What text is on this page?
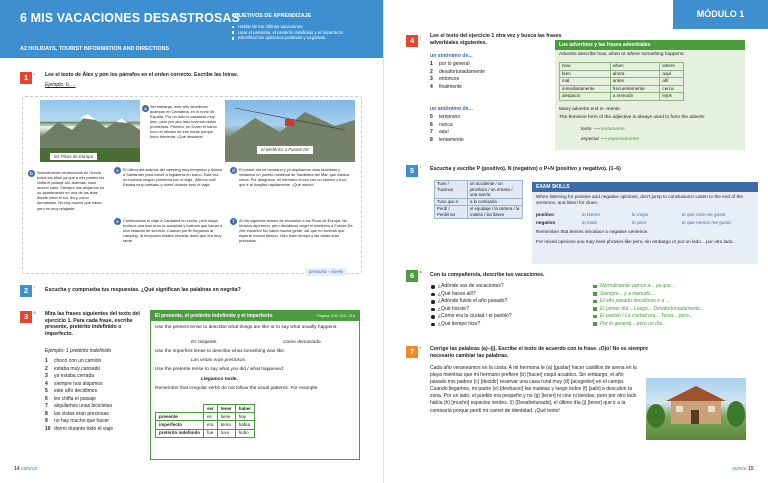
6 MIS VACACIONES DESASTROSAS
A2 HOLIDAYS, TOURIST INFORMATION AND DIRECTIONS
OBJETIVOS DE APRENDIZAJE
Hablar de tus últimas vacaciones
Usar el presente, el pretérito indefinido y el imperfecto
Identificar las opiniones positivas y negativas
1	≡	Lee el texto de Álex y pon los párrafos en el orden correcto. Escribe las letras.
Ejemplo: b, ...
los Picos de Europa
el teleférico a Fuente Dé
a Sin embargo, este año decidimos acampar en Cantabria, en el norte de España. Por un lado lo pasamos muy bien, pero por otro lado tuvimos varios problemas. Primero, en Dover el barco tuvo un retraso de tres horas porque hubo tormenta. ¡Qué desastre!
b	Normalmente veraneamos en Grecia todos los años ya que a mis padres les chifla el paisaje allí. Además, hace mucho calor. Siempre nos alojamos en un apartamento en una de las islas donde tomo el sol, leo y como demasiado. No hay mucho que hacer, pero es muy relajante.
c	El último día salimos del camping muy temprano y fuimos a Santander para volver a Inglaterra en barco. Esta vez no tuvimos ningún problema con el viaje. ¡Menos mal! Estaba muy cansado y dormí durante todo el viaje.
d	El primer día mi hermano y yo alquilamos unas bicicletas y visitamos un pueblo medieval de Santillana del Mar, que estaba cerca. Por desgracia, mi hermano chocó con un camión y tuvo que ir al hospital rápidamente. ¡Qué miedo!
e	Continuamos el viaje a Cantabria en coche, pero luego tuvimos una avería en la autopista y tuvimos que llamar a una estación de servicio. Cuando por fin llegamos al camping, la recepción estaba cerrada, dado que era muy tarde.
f	Al día siguiente fuimos de excursión a los Picos de Europa. No hicimos alpinismo, pero decidimos coger el teleférico a Fuente Dé. ¡Me encantó! No había mucha gente, así que no tuvimos que esperar mucho tiempo. Hizo buen tiempo y las vistas eran preciosas.
preciosa – lovely
2	◖ Escucha y comprueba tus respuestas. ¿Qué significan las palabras en negrita?
3	G Mira las frases siguientes del texto del ejercicio 1. Para cada frase, escribe presente, pretérito indefinido o imperfecto.
Ejemplo: 1 pretérito indefinido
1 chocó con un camión
2 estaba muy cansado
3 ya estaba cerrada
4 siempre nos alojamos
5 este año decidimos
6 les chifla el paisaje
7 alquilamos unas bicicletas
8 las vistas eran preciosas
9 no hay mucho que hacer
10 dormí durante todo el viaje
El presente, el pretérito indefinido y el imperfecto	Página 210, 212, 214
Use the present tense to describe what things are like or to say what usually happens:
Es relajante.	Como demasiado.
Use the imperfect tense to describe what something was like:
Las vistas eran preciosas.
Use the preterite tense to say what you did / what happened:
Llegamos tarde.
Remember that irregular verbs do not follow the usual patterns. For example:
	ser	tener	haber
presente	es	tiene	hay
imperfecto	era	tenía	había
pretérito indefinido	fue	tuvo	hubo
14 catorce
MÓDULO 1
4	≡	Lee el texto del ejercicio 1 otra vez y busca las frases adverbiales siguientes.
un sinónimo de...
1 por lo general
2 desafortunadamente
3 entonces
4 finalmente
un antónimo de...
5 temprano
6 nunca
7 aquí
8 lentamente
5	◖ Escucha y escribe P (positivo), N (negativo) o P+N (positivo y negativo). (1–6)
6 ☻ Con tu compañero/a, describe tus vacaciones.
¿Adónde vas de vacaciones?
¿Qué haces allí?
¿Adónde fuiste el año pasado?
¿Qué hiciste?
¿Cómo era la ciudad / el pueblo?
¿Qué tiempo hizo?
Normalmente vamos a... ya que...
Siempre... y a menudo...
El año pasado decidimos ir a ...
El primer día... Luego... Desafortunadamente...
El pueblo / La ciudad era... Tenía... pero...
Por lo general... pero un día...
7	✎ Corrige las palabras (a)–(j). Escribe el texto de acuerdo con la frase. ¡Ojo! No es siempre necesario cambiar las palabras.
Cada año veraneamos en la costa. A mi hermana le (a) [gustar] hacer castillos de arena en la playa mientras que mi hermano prefiere (b) [hacer] esquí acuático. Sin embargo, el año pasado mis padres (c) [decidir] reservar una casa rural muy (d) [acogedor] en el campo. Cuando llegamos, mi padre (e) [deshacer] las maletas y luego todos (f) [salir] a descubrir la zona. Por un lado, el pueblo era pequeño y no (g) [tener] ni cine ni tiendas, pero por otro lado había (h) [mucho] espacios verdes. (i) [Desafortunado], el último día (j) [tener] que ir a la comisaría porque perdí mi carnet de identidad. ¡Qué tonto!
quince 15
Los adverbios y las frases adverbiales
Adverbs describe how, when or where something happens:
how	when	where
bien	ahora	aquí
mal	antes	allí
inmediatamente	frecuentemente	cerca
despacio	a menudo	lejos
Many adverbs end in -mente.
The feminine form of the adjective is always used to form the adverb:
lento ⟶ lentamente
especial ⟶ especialmente
Tuve / Tuvimos	un accidente / un pinchazo / un retraso / una avería
Tuvo que ir	a la comisaría
Perdí / Perdimos	el equipaje / la cartera / la maleta / las llaves
EXAM SKILLS
When listening for positive and negative opinions, don't jump to conclusions! Listen to the end of the sentence, and listen for clues:
positivo	lo bueno	lo mejor	lo que más me gustó
negativo	lo malo	lo peor	lo que menos me gustó
Remember that tenses introduce a negative sentence.
For mixed opinions you may hear phrases like pero, sin embargo or por un lado... por otro lado.
